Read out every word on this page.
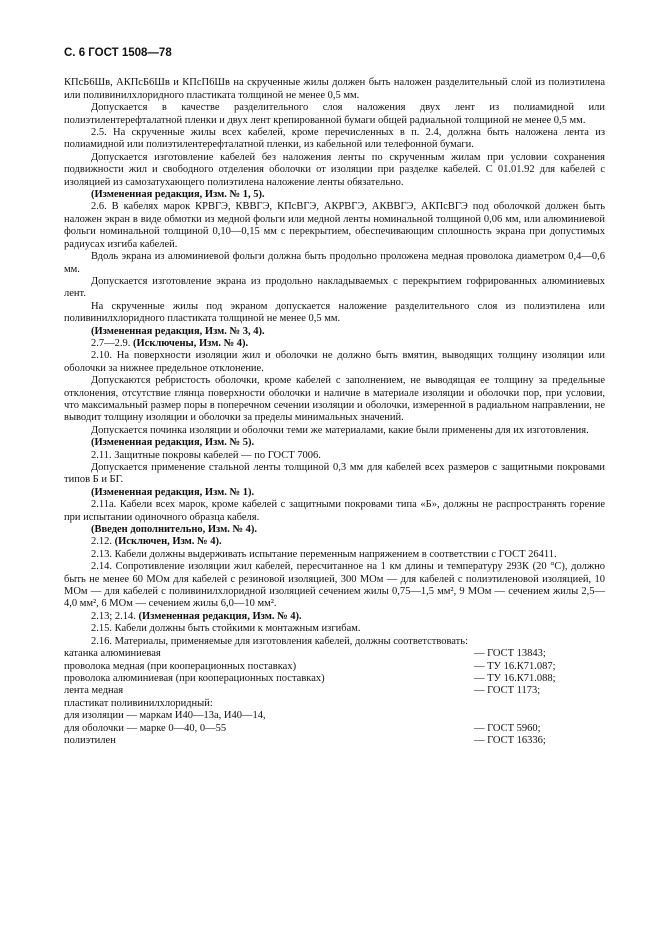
С. 6 ГОСТ 1508—78

КПсБ6Шв, АКПсБ6Шв и КПсП6Шв на скрученные жилы должен быть наложен разделительный слой из полиэтилена или поливинилхлоридного пластиката толщиной не менее 0,5 мм.

Допускается в качестве разделительного слоя наложения двух лент из полиамидной или полиэтилентерефталатной пленки и двух лент крепированной бумаги общей радиальной толщиной не менее 0,5 мм.

2.5. На скрученные жилы всех кабелей, кроме перечисленных в п. 2.4, должна быть наложена лента из полиамидной или полиэтилентерефталатной пленки, из кабельной или телефонной бумаги.

Допускается изготовление кабелей без наложения ленты по скрученным жилам при условии сохранения подвижности жил и свободного отделения оболочки от изоляции при разделке кабелей. С 01.01.92 для кабелей с изоляцией из самозатухающего полиэтилена наложение ленты обязательно.

(Измененная редакция, Изм. № 1, 5).

2.6. В кабелях марок КРВГЭ, КВВГЭ, КПсВГЭ, АКРВГЭ, АКВВГЭ, АКПсВГЭ под оболочкой должен быть наложен экран в виде обмотки из медной фольги или медной ленты номинальной толщиной 0,06 мм, или алюминиевой фольги номинальной толщиной 0,10—0,15 мм с перекрытием, обеспечивающим сплошность экрана при допустимых радиусах изгиба кабелей.

Вдоль экрана из алюминиевой фольги должна быть продольно проложена медная проволока диаметром 0,4—0,6 мм.

Допускается изготовление экрана из продольно накладываемых с перекрытием гофрированных алюминиевых лент.

На скрученные жилы под экраном допускается наложение разделительного слоя из полиэтилена или поливинилхлоридного пластиката толщиной не менее 0,5 мм.

(Измененная редакция, Изм. № 3, 4).

2.7—2.9. (Исключены, Изм. № 4).

2.10. На поверхности изоляции жил и оболочки не должно быть вмятин, выводящих толщину изоляции или оболочки за нижнее предельное отклонение.

Допускаются ребристость оболочки, кроме кабелей с заполнением, не выводящая ее толщину за предельные отклонения, отсутствие глянца поверхности оболочки и наличие в материале изоляции и оболочки пор, при условии, что максимальный размер поры в поперечном сечении изоляции и оболочки, измеренной в радиальном направлении, не выводит толщину изоляции и оболочки за пределы минимальных значений.

Допускается починка изоляции и оболочки теми же материалами, какие были применены для их изготовления.

(Измененная редакция, Изм. № 5).

2.11. Защитные покровы кабелей — по ГОСТ 7006.

Допускается применение стальной ленты толщиной 0,3 мм для кабелей всех размеров с защитными покровами типов Б и БГ.

(Измененная редакция, Изм. № 1).

2.11а. Кабели всех марок, кроме кабелей с защитными покровами типа «Б», должны не распространять горение при испытании одиночного образца кабеля.

(Введен дополнительно, Изм. № 4).

2.12. (Исключен, Изм. № 4).

2.13. Кабели должны выдерживать испытание переменным напряжением в соответствии с ГОСТ 26411.

2.14. Сопротивление изоляции жил кабелей, пересчитанное на 1 км длины и температуру 293К (20 °С), должно быть не менее 60 МОм для кабелей с резиновой изоляцией, 300 МОм — для кабелей с полиэтиленовой изоляцией, 10 МОм — для кабелей с поливинилхлоридной изоляцией сечением жилы 0,75—1,5 мм², 9 МОм — сечением жилы 2,5—4,0 мм², 6 МОм — сечением жилы 6,0—10 мм².

2.13; 2.14. (Измененная редакция, Изм. № 4).

2.15. Кабели должны быть стойкими к монтажным изгибам.

2.16. Материалы, применяемые для изготовления кабелей, должны соответствовать:

катанка алюминиевая	— ГОСТ 13843;
проволока медная (при кооперационных поставках)	— ТУ 16.К71.087;
проволока алюминиевая (при кооперационных поставках)	— ТУ 16.К71.088;
лента медная	— ГОСТ 1173;
пластикат поливинилхлоридный:
для изоляции — маркам И40—13а, И40—14,
для оболочки — марке 0—40, 0—55	— ГОСТ 5960;
полиэтилен	— ГОСТ 16336;
